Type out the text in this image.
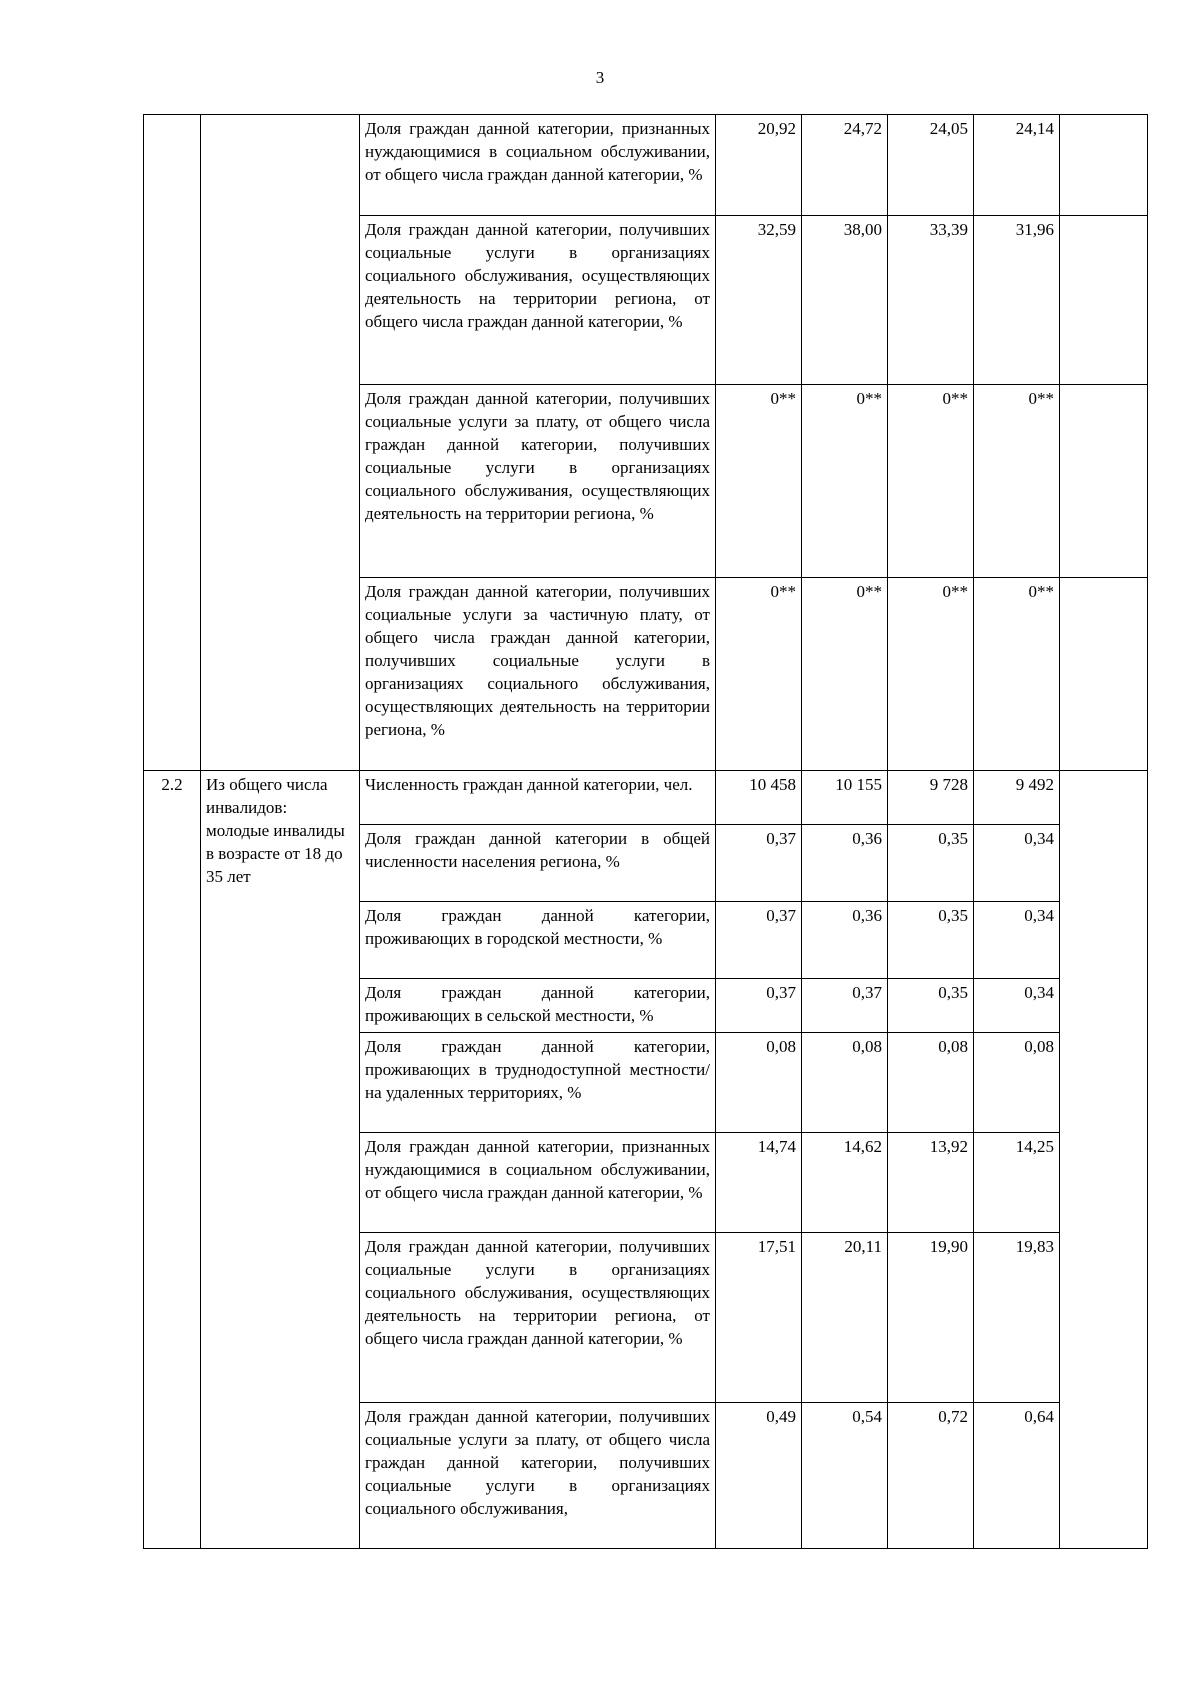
3
		Доля граждан данной категории, признанных нуждающимися в социальном обслуживании, от общего числа граждан данной категории, %	20,92	24,72	24,05	24,14	
		Доля граждан данной категории, получивших социальные услуги в организациях социального обслуживания, осуществляющих деятельность на территории региона, от общего числа граждан данной категории, %	32,59	38,00	33,39	31,96	
		Доля граждан данной категории, получивших социальные услуги за плату, от общего числа граждан данной категории, получивших социальные услуги в организациях социального обслуживания, осуществляющих деятельность на территории региона, %	0**	0**	0**	0**	
		Доля граждан данной категории, получивших социальные услуги за частичную плату, от общего числа граждан данной категории, получивших социальные услуги в организациях социального обслуживания, осуществляющих деятельность на территории региона, %	0**	0**	0**	0**	
2.2	Из общего числа инвалидов: молодые инвалиды в возрасте от 18 до 35 лет	Численность граждан данной категории, чел.	10 458	10 155	9 728	9 492	
		Доля граждан данной категории в общей численности населения региона, %	0,37	0,36	0,35	0,34	
		Доля граждан данной категории, проживающих в городской местности, %	0,37	0,36	0,35	0,34	
		Доля граждан данной категории, проживающих в сельской местности, %	0,37	0,37	0,35	0,34	
		Доля граждан данной категории, проживающих в труднодоступной местности/на удаленных территориях, %	0,08	0,08	0,08	0,08	
		Доля граждан данной категории, признанных нуждающимися в социальном обслуживании, от общего числа граждан данной категории, %	14,74	14,62	13,92	14,25	
		Доля граждан данной категории, получивших социальные услуги в организациях социального обслуживания, осуществляющих деятельность на территории региона, от общего числа граждан данной категории, %	17,51	20,11	19,90	19,83	
		Доля граждан данной категории, получивших социальные услуги за плату, от общего числа граждан данной категории, получивших социальные услуги в организациях социального обслуживания,	0,49	0,54	0,72	0,64	
